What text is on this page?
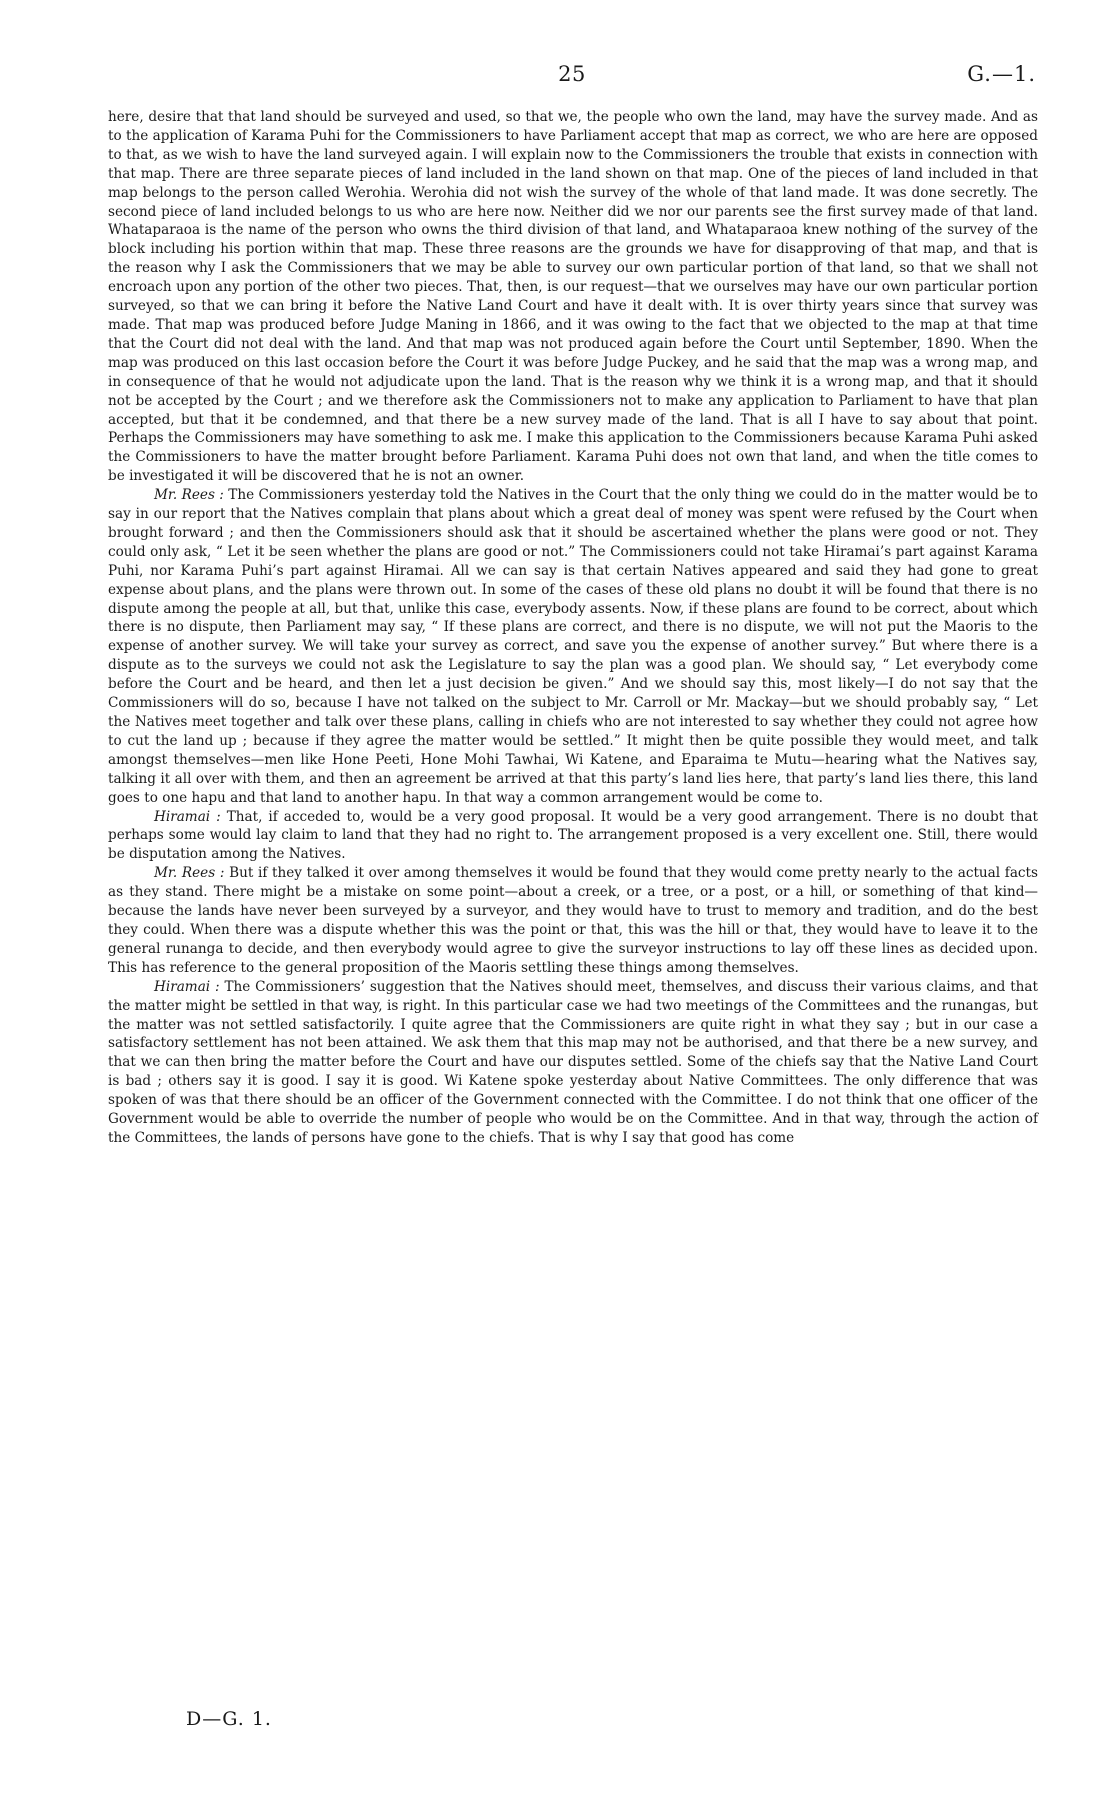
25	G.—1.

here, desire that that land should be surveyed and used, so that we, the people who own the land, may have the survey made. And as to the application of Karama Puhi for the Commissioners to have Parliament accept that map as correct, we who are here are opposed to that, as we wish to have the land surveyed again. I will explain now to the Commissioners the trouble that exists in connection with that map. There are three separate pieces of land included in the land shown on that map. One of the pieces of land included in that map belongs to the person called Werohia. Werohia did not wish the survey of the whole of that land made. It was done secretly. The second piece of land included belongs to us who are here now. Neither did we nor our parents see the first survey made of that land. Whataparaoa is the name of the person who owns the third division of that land, and Whataparaoa knew nothing of the survey of the block including his portion within that map. These three reasons are the grounds we have for disapproving of that map, and that is the reason why I ask the Commissioners that we may be able to survey our own particular portion of that land, so that we shall not encroach upon any portion of the other two pieces. That, then, is our request—that we ourselves may have our own particular portion surveyed, so that we can bring it before the Native Land Court and have it dealt with. It is over thirty years since that survey was made. That map was produced before Judge Maning in 1866, and it was owing to the fact that we objected to the map at that time that the Court did not deal with the land. And that map was not produced again before the Court until September, 1890. When the map was produced on this last occasion before the Court it was before Judge Puckey, and he said that the map was a wrong map, and in consequence of that he would not adjudicate upon the land. That is the reason why we think it is a wrong map, and that it should not be accepted by the Court ; and we therefore ask the Commissioners not to make any application to Parliament to have that plan accepted, but that it be condemned, and that there be a new survey made of the land. That is all I have to say about that point. Perhaps the Commissioners may have something to ask me. I make this application to the Commissioners because Karama Puhi asked the Commissioners to have the matter brought before Parliament. Karama Puhi does not own that land, and when the title comes to be investigated it will be discovered that he is not an owner.

Mr. Rees : The Commissioners yesterday told the Natives in the Court that the only thing we could do in the matter would be to say in our report that the Natives complain that plans about which a great deal of money was spent were refused by the Court when brought forward ; and then the Commissioners should ask that it should be ascertained whether the plans were good or not. They could only ask, “ Let it be seen whether the plans are good or not.” The Commissioners could not take Hiramai’s part against Karama Puhi, nor Karama Puhi’s part against Hiramai. All we can say is that certain Natives appeared and said they had gone to great expense about plans, and the plans were thrown out. In some of the cases of these old plans no doubt it will be found that there is no dispute among the people at all, but that, unlike this case, everybody assents. Now, if these plans are found to be correct, about which there is no dispute, then Parliament may say, “ If these plans are correct, and there is no dispute, we will not put the Maoris to the expense of another survey. We will take your survey as correct, and save you the expense of another survey.” But where there is a dispute as to the surveys we could not ask the Legislature to say the plan was a good plan. We should say, “ Let everybody come before the Court and be heard, and then let a just decision be given.” And we should say this, most likely—I do not say that the Commissioners will do so, because I have not talked on the subject to Mr. Carroll or Mr. Mackay—but we should probably say, “ Let the Natives meet together and talk over these plans, calling in chiefs who are not interested to say whether they could not agree how to cut the land up ; because if they agree the matter would be settled.” It might then be quite possible they would meet, and talk amongst themselves—men like Hone Peeti, Hone Mohi Tawhai, Wi Katene, and Eparaima te Mutu—hearing what the Natives say, talking it all over with them, and then an agreement be arrived at that this party’s land lies here, that party’s land lies there, this land goes to one hapu and that land to another hapu. In that way a common arrangement would be come to.

Hiramai : That, if acceded to, would be a very good proposal. It would be a very good arrangement. There is no doubt that perhaps some would lay claim to land that they had no right to. The arrangement proposed is a very excellent one. Still, there would be disputation among the Natives.

Mr. Rees : But if they talked it over among themselves it would be found that they would come pretty nearly to the actual facts as they stand. There might be a mistake on some point—about a creek, or a tree, or a post, or a hill, or something of that kind—because the lands have never been surveyed by a surveyor, and they would have to trust to memory and tradition, and do the best they could. When there was a dispute whether this was the point or that, this was the hill or that, they would have to leave it to the general runanga to decide, and then everybody would agree to give the surveyor instructions to lay off these lines as decided upon. This has reference to the general proposition of the Maoris settling these things among themselves.

Hiramai : The Commissioners’ suggestion that the Natives should meet, themselves, and discuss their various claims, and that the matter might be settled in that way, is right. In this particular case we had two meetings of the Committees and the runangas, but the matter was not settled satisfactorily. I quite agree that the Commissioners are quite right in what they say ; but in our case a satisfactory settlement has not been attained. We ask them that this map may not be authorised, and that there be a new survey, and that we can then bring the matter before the Court and have our disputes settled. Some of the chiefs say that the Native Land Court is bad ; others say it is good. I say it is good. Wi Katene spoke yesterday about Native Committees. The only difference that was spoken of was that there should be an officer of the Government connected with the Committee. I do not think that one officer of the Government would be able to override the number of people who would be on the Committee. And in that way, through the action of the Committees, the lands of persons have gone to the chiefs. That is why I say that good has come

D—G. 1.
